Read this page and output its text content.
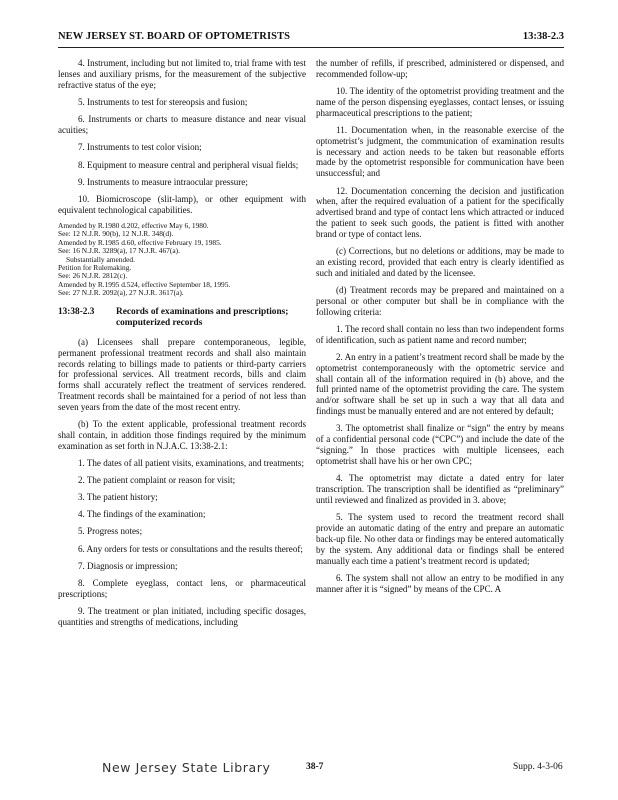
NEW JERSEY ST. BOARD OF OPTOMETRISTS	13:38-2.3

4. Instrument, including but not limited to, trial frame with test lenses and auxiliary prisms, for the measurement of the subjective refractive status of the eye;

5. Instruments to test for stereopsis and fusion;

6. Instruments or charts to measure distance and near visual acuities;

7. Instruments to test color vision;

8. Equipment to measure central and peripheral visual fields;

9. Instruments to measure intraocular pressure;

10. Biomicroscope (slit-lamp), or other equipment with equivalent technological capabilities.

Amended by R.1980 d.202, effective May 6, 1980.
See: 12 N.J.R. 90(b), 12 N.J.R. 348(d).
Amended by R.1985 d.60, effective February 19, 1985.
See: 16 N.J.R. 3289(a), 17 N.J.R. 467(a).
Substantially amended.
Petition for Rulemaking.
See: 26 N.J.R. 2812(c).
Amended by R.1995 d.524, effective September 18, 1995.
See: 27 N.J.R. 2092(a), 27 N.J.R. 3617(a).
13:38-2.3 Records of examinations and prescriptions;
computerized records

(a) Licensees shall prepare contemporaneous, legible, permanent professional treatment records and shall also maintain records relating to billings made to patients or third-party carriers for professional services. All treatment records, bills and claim forms shall accurately reflect the treatment of services rendered. Treatment records shall be maintained for a period of not less than seven years from the date of the most recent entry.

(b) To the extent applicable, professional treatment records shall contain, in addition those findings required by the minimum examination as set forth in N.J.A.C. 13:38-2.1:

1. The dates of all patient visits, examinations, and treatments;

2. The patient complaint or reason for visit;

3. The patient history;

4. The findings of the examination;

5. Progress notes;

6. Any orders for tests or consultations and the results thereof;

7. Diagnosis or impression;

8. Complete eyeglass, contact lens, or pharmaceutical prescriptions;

9. The treatment or plan initiated, including specific dosages, quantities and strengths of medications, including

the number of refills, if prescribed, administered or dispensed, and recommended follow-up;

10. The identity of the optometrist providing treatment and the name of the person dispensing eyeglasses, contact lenses, or issuing pharmaceutical prescriptions to the patient;

11. Documentation when, in the reasonable exercise of the optometrist’s judgment, the communication of examination results is necessary and action needs to be taken but reasonable efforts made by the optometrist responsible for communication have been unsuccessful; and

12. Documentation concerning the decision and justification when, after the required evaluation of a patient for the specifically advertised brand and type of contact lens which attracted or induced the patient to seek such goods, the patient is fitted with another brand or type of contact lens.

(c) Corrections, but no deletions or additions, may be made to an existing record, provided that each entry is clearly identified as such and initialed and dated by the licensee.

(d) Treatment records may be prepared and maintained on a personal or other computer but shall be in compliance with the following criteria:

1. The record shall contain no less than two independent forms of identification, such as patient name and record number;

2. An entry in a patient’s treatment record shall be made by the optometrist contemporaneously with the optometric service and shall contain all of the information required in (b) above, and the full printed name of the optometrist providing the care. The system and/or software shall be set up in such a way that all data and findings must be manually entered and are not entered by default;

3. The optometrist shall finalize or “sign” the entry by means of a confidential personal code (“CPC”) and include the date of the “signing.” In those practices with multiple licensees, each optometrist shall have his or her own CPC;

4. The optometrist may dictate a dated entry for later transcription. The transcription shall be identified as “preliminary” until reviewed and finalized as provided in 3. above;

5. The system used to record the treatment record shall provide an automatic dating of the entry and prepare an automatic back-up file. No other data or findings may be entered automatically by the system. Any additional data or findings shall be entered manually each time a patient’s treatment record is updated;

6. The system shall not allow an entry to be modified in any manner after it is “signed” by means of the CPC. A

New Jersey State Library	38-7	Supp. 4-3-06
